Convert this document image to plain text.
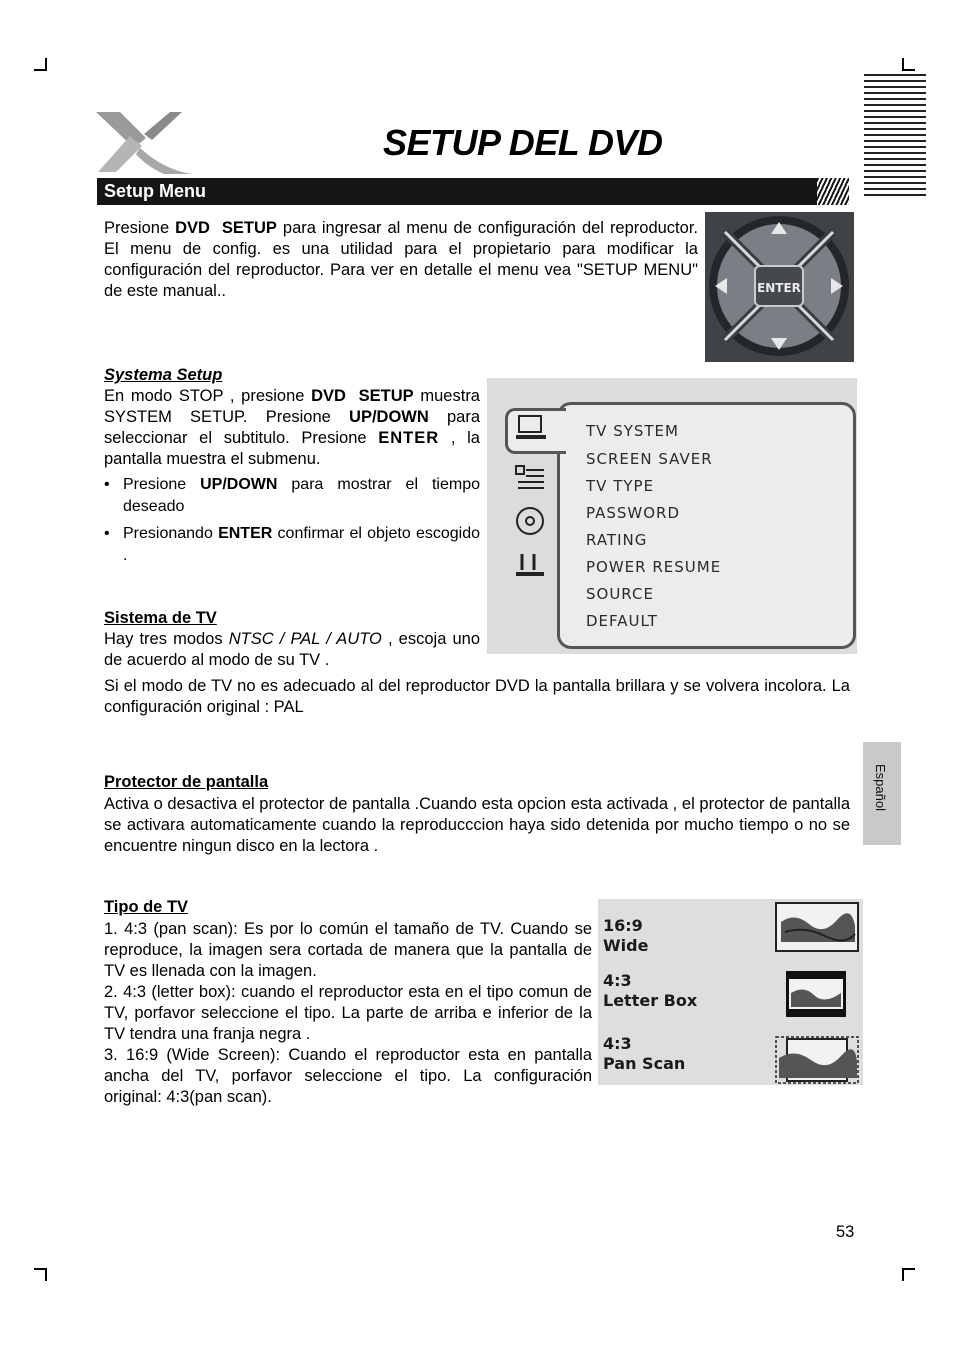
SETUP DEL DVD
Setup Menu
Presione DVD SETUP para ingresar al menu de configuración del reproductor. El menu de config. es una utilidad para el propietario para modificar la configuración del reproductor. Para ver en detalle el menu vea "SETUP MENU" de este manual..	ENTER
Systema Setup
En modo STOP , presione DVD SETUP muestra SYSTEM SETUP. Presione UP/DOWN para seleccionar el subtitulo. Presione ENTER , la pantalla muestra el submenu.
• Presione UP/DOWN para mostrar el tiempo deseado
• Presionando ENTER confirmar el objeto escogido .
TV SYSTEM
SCREEN SAVER
TV TYPE
PASSWORD
RATING
POWER RESUME
SOURCE
DEFAULT
Sistema de TV
Hay tres modos NTSC / PAL / AUTO , escoja uno de acuerdo al modo de su TV .
Si el modo de TV no es adecuado al del reproductor DVD la pantalla brillara y se volvera incolora. La configuración original : PAL
Protector de pantalla
Activa o desactiva el protector de pantalla .Cuando esta opcion esta activada , el protector de pantalla se activara automaticamente cuando la reproducccion haya sido detenida por mucho tiempo o no se encuentre ningun disco en la lectora .
Español
Tipo de TV
1. 4:3 (pan scan): Es por lo común el tamaño de TV. Cuando se reproduce, la imagen sera cortada de manera que la pantalla de TV es llenada con la imagen.
2. 4:3 (letter box): cuando el reproductor esta en el tipo comun de TV, porfavor seleccione el tipo. La parte de arriba e inferior de la TV tendra una franja negra .
3. 16:9 (Wide Screen): Cuando el reproductor esta en pantalla ancha del TV, porfavor seleccione el tipo. La configuración original: 4:3(pan scan).
16:9
Wide
4:3
Letter Box
4:3
Pan Scan
53
